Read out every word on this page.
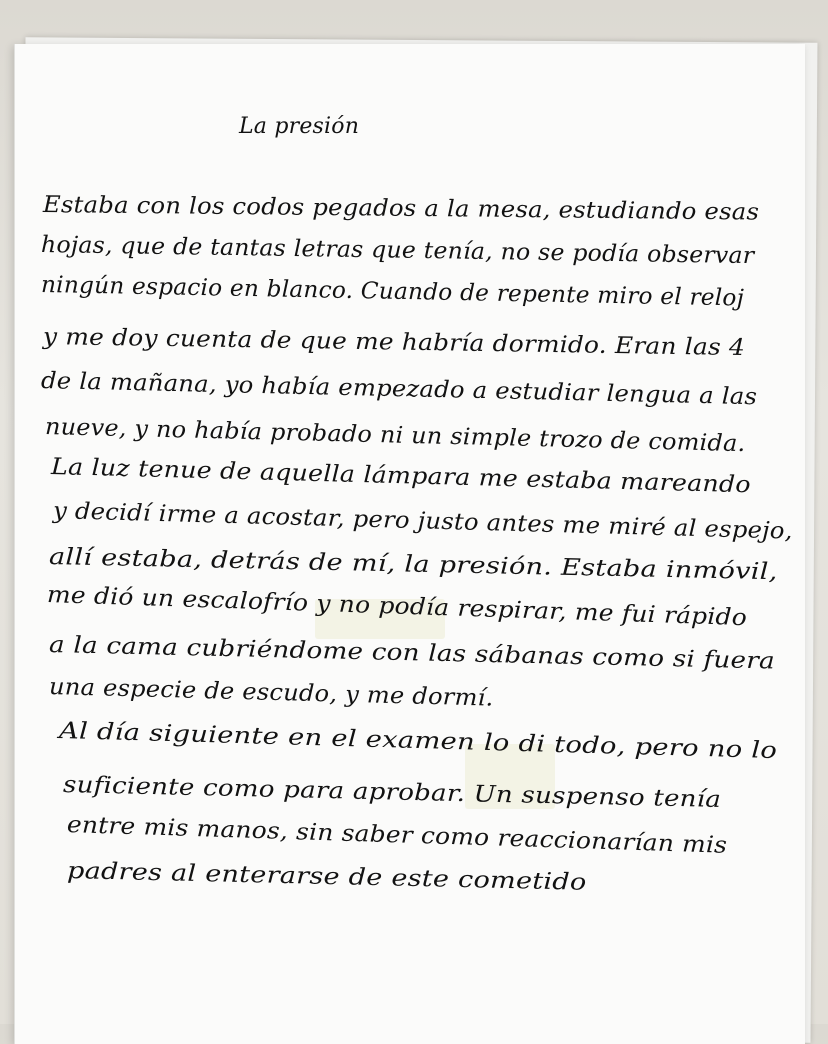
La presión
Estaba con los codos pegados a la mesa, estudiando esas
hojas, que de tantas letras que tenía, no se podía observar
ningún espacio en blanco. Cuando de repente miro el reloj
y me doy cuenta de que me habría dormido. Eran las 4
de la mañana, yo había empezado a estudiar lengua a las
nueve, y no había probado ni un simple trozo de comida.
La luz tenue de aquella lámpara me estaba mareando
y decidí irme a acostar, pero justo antes me miré al espejo,
allí estaba, detrás de mí, la presión. Estaba inmóvil,
me dió un escalofrío y no podía respirar, me fui rápido
a la cama cubriéndome con las sábanas como si fuera
una especie de escudo, y me dormí.
Al día siguiente en el examen lo di todo, pero no lo
suficiente como para aprobar. Un suspenso tenía
entre mis manos, sin saber como reaccionarían mis
padres al enterarse de este cometido
